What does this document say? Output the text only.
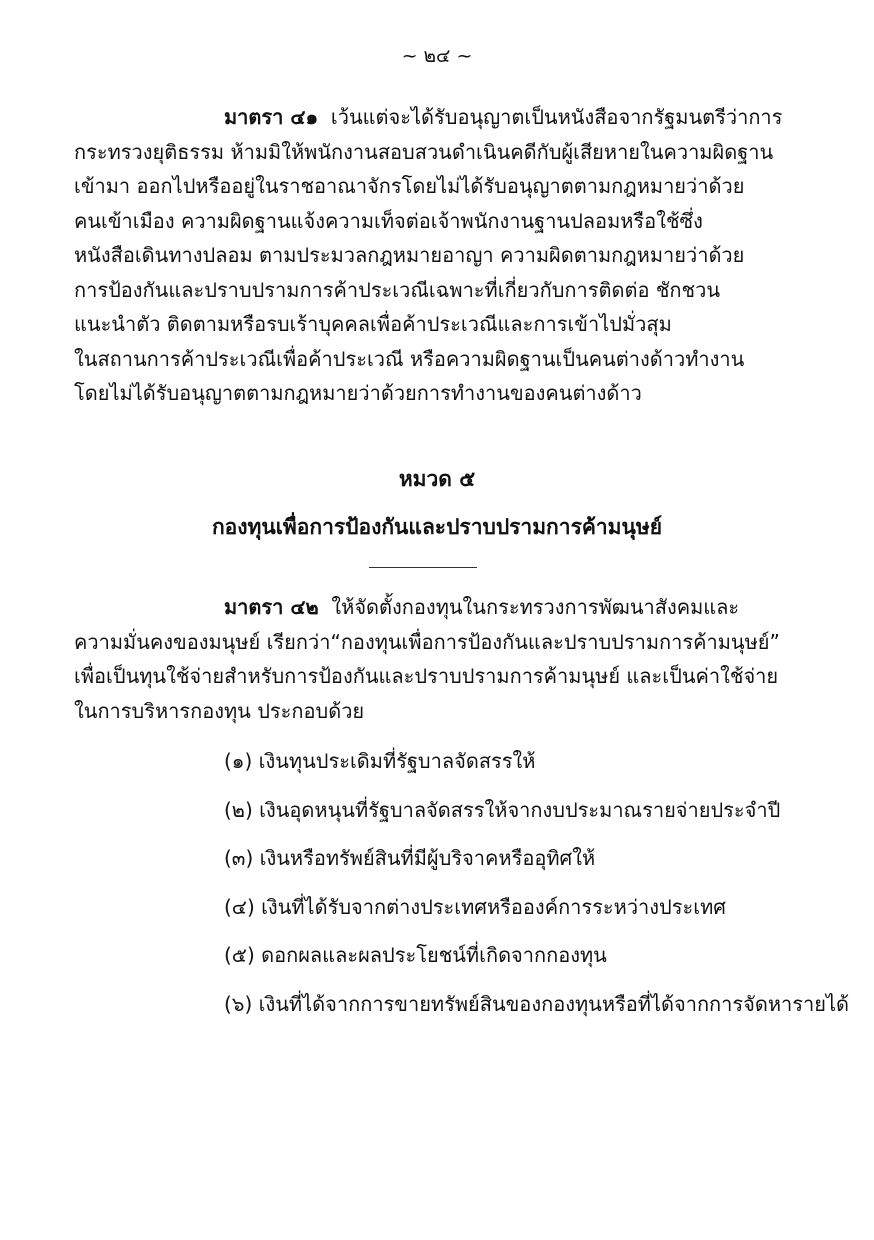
~ ๒๔ ~

มาตรา ๔๑ เว้นแต่จะได้รับอนุญาตเป็นหนังสือจากรัฐมนตรีว่าการ

กระทรวงยุติธรรม ห้ามมิให้พนักงานสอบสวนดำเนินคดีกับผู้เสียหายในความผิดฐาน

เข้ามา ออกไปหรืออยู่ในราชอาณาจักรโดยไม่ได้รับอนุญาตตามกฎหมายว่าด้วย

คนเข้าเมือง ความผิดฐานแจ้งความเท็จต่อเจ้าพนักงานฐานปลอมหรือใช้ซึ่ง

หนังสือเดินทางปลอม ตามประมวลกฎหมายอาญา ความผิดตามกฎหมายว่าด้วย

การป้องกันและปราบปรามการค้าประเวณีเฉพาะที่เกี่ยวกับการติดต่อ ชักชวน

แนะนำตัว ติดตามหรือรบเร้าบุคคลเพื่อค้าประเวณีและการเข้าไปมั่วสุม

ในสถานการค้าประเวณีเพื่อค้าประเวณี หรือความผิดฐานเป็นคนต่างด้าวทำงาน

โดยไม่ได้รับอนุญาตตามกฎหมายว่าด้วยการทำงานของคนต่างด้าว

หมวด ๕
กองทุนเพื่อการป้องกันและปราบปรามการค้ามนุษย์

มาตรา ๔๒ ให้จัดตั้งกองทุนในกระทรวงการพัฒนาสังคมและ

ความมั่นคงของมนุษย์ เรียกว่า“กองทุนเพื่อการป้องกันและปราบปรามการค้ามนุษย์”

เพื่อเป็นทุนใช้จ่ายสำหรับการป้องกันและปราบปรามการค้ามนุษย์ และเป็นค่าใช้จ่าย

ในการบริหารกองทุน ประกอบด้วย

(๑) เงินทุนประเดิมที่รัฐบาลจัดสรรให้
(๒) เงินอุดหนุนที่รัฐบาลจัดสรรให้จากงบประมาณรายจ่ายประจำปี
(๓) เงินหรือทรัพย์สินที่มีผู้บริจาคหรืออุทิศให้
(๔) เงินที่ได้รับจากต่างประเทศหรือองค์การระหว่างประเทศ
(๕) ดอกผลและผลประโยชน์ที่เกิดจากกองทุน
(๖) เงินที่ได้จากการขายทรัพย์สินของกองทุนหรือที่ได้จากการจัดหารายได้
